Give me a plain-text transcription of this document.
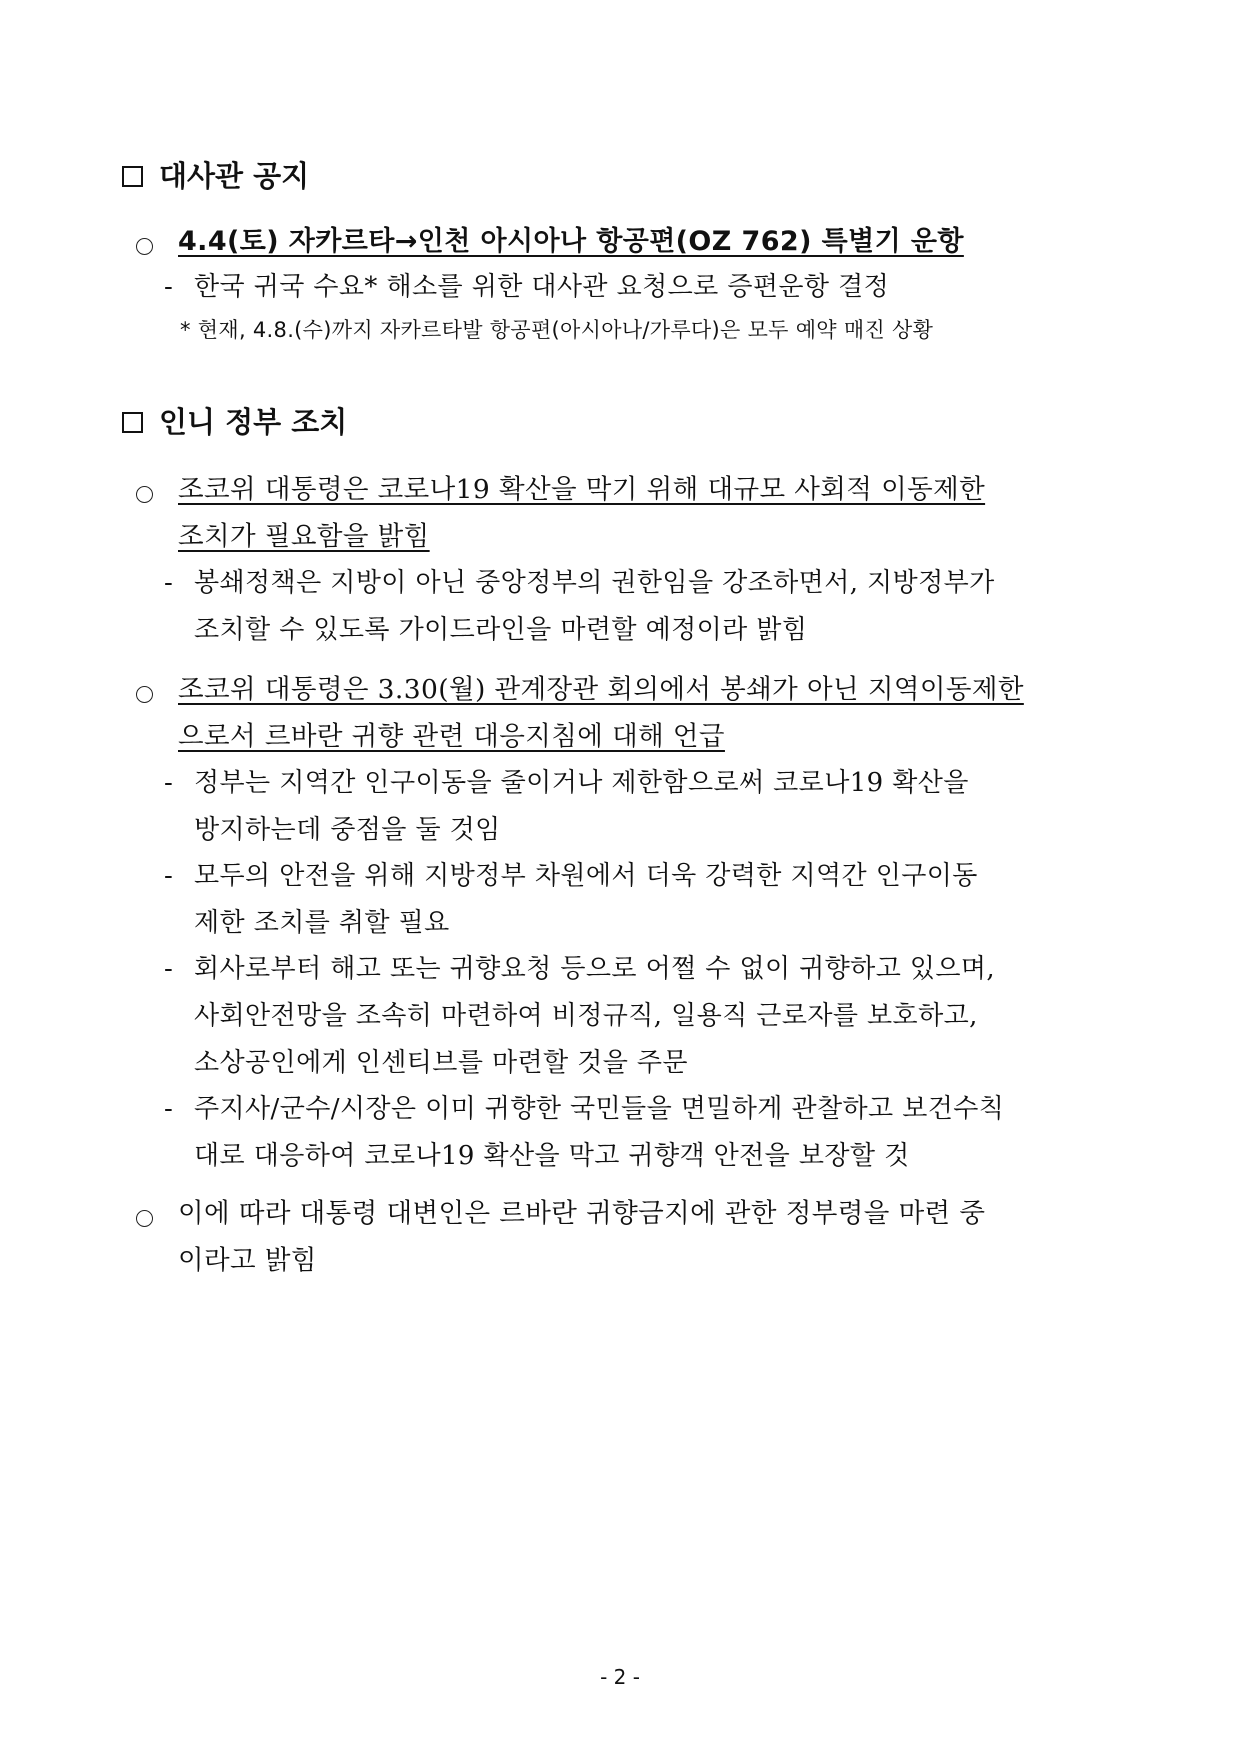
대사관 공지
4.4(토) 자카르타→인천 아시아나 항공편(OZ 762) 특별기 운항
- 한국 귀국 수요* 해소를 위한 대사관 요청으로 증편운항 결정
* 현재, 4.8.(수)까지 자카르타발 항공편(아시아나/가루다)은 모두 예약 매진 상황
인니 정부 조치
조코위 대통령은 코로나19 확산을 막기 위해 대규모 사회적 이동제한
조치가 필요함을 밝힘
- 봉쇄정책은 지방이 아닌 중앙정부의 권한임을 강조하면서, 지방정부가
조치할 수 있도록 가이드라인을 마련할 예정이라 밝힘
조코위 대통령은 3.30(월) 관계장관 회의에서 봉쇄가 아닌 지역이동제한
으로서 르바란 귀향 관련 대응지침에 대해 언급
- 정부는 지역간 인구이동을 줄이거나 제한함으로써 코로나19 확산을
방지하는데 중점을 둘 것임
- 모두의 안전을 위해 지방정부 차원에서 더욱 강력한 지역간 인구이동
제한 조치를 취할 필요
- 회사로부터 해고 또는 귀향요청 등으로 어쩔 수 없이 귀향하고 있으며,
사회안전망을 조속히 마련하여 비정규직, 일용직 근로자를 보호하고,
소상공인에게 인센티브를 마련할 것을 주문
- 주지사/군수/시장은 이미 귀향한 국민들을 면밀하게 관찰하고 보건수칙
대로 대응하여 코로나19 확산을 막고 귀향객 안전을 보장할 것
이에 따라 대통령 대변인은 르바란 귀향금지에 관한 정부령을 마련 중
이라고 밝힘
- 2 -
